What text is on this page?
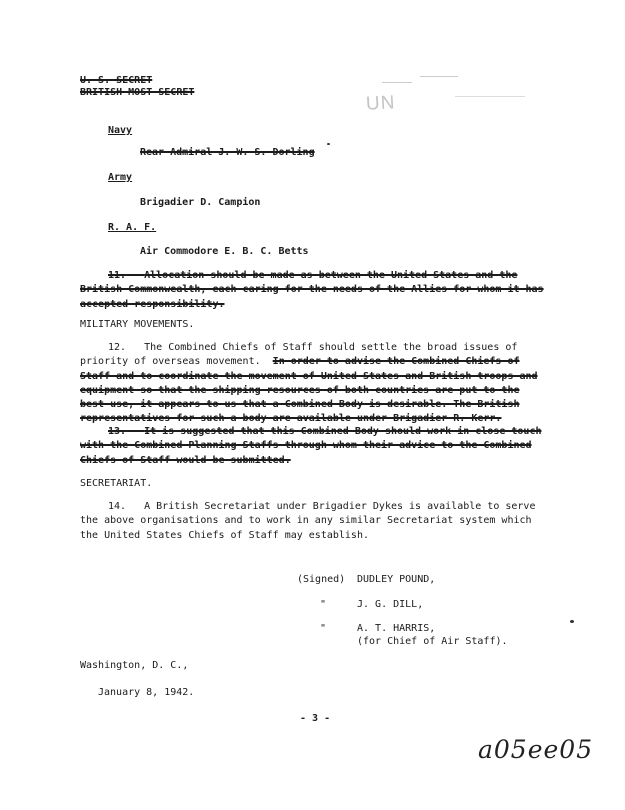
U. S. SECRET
BRITISH MOST SECRET	UN
Navy
Rear Admiral J. W. S. Dorling
Army
Brigadier D. Campion
R. A. F.
Air Commodore E. B. C. Betts

11. Allocation should be made as between the United States and the

British Commonwealth, each caring for the needs of the Allies for whom it has

accepted responsibility.

MILITARY MOVEMENTS.

12. The Combined Chiefs of Staff should settle the broad issues of

priority of overseas movement. In order to advise the Combined Chiefs of

Staff and to coordinate the movement of United States and British troops and

equipment so that the shipping resources of both countries are put to the

best use, it appears to us that a Combined Body is desirable. The British

representatives for such a body are available under Brigadier R. Kerr.

13. It is suggested that this Combined Body should work in close touch

with the Combined Planning Staffs through whom their advice to the Combined

Chiefs of Staff would be submitted.

SECRETARIAT.

14. A British Secretariat under Brigadier Dykes is available to serve

the above organisations and to work in any similar Secretariat system which

the United States Chiefs of Staff may establish.

(Signed) DUDLEY POUND,
"	J. G. DILL,
"	A. T. HARRIS,
(for Chief of Air Staff).
Washington, D. C.,
January 8, 1942.
- 3 -
a05ee05
